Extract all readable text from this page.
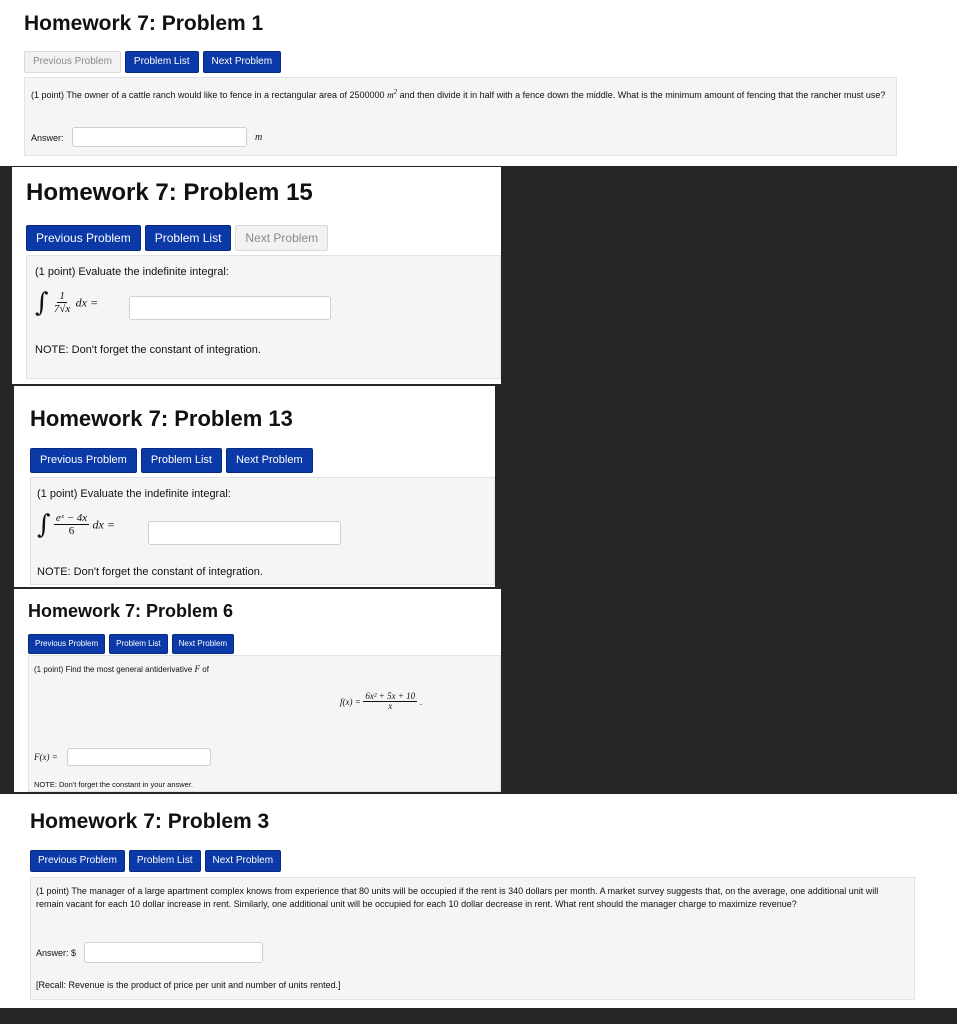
Homework 7: Problem 1
Previous Problem	Problem List	Next Problem
(1 point) The owner of a cattle ranch would like to fence in a rectangular area of 2500000 $m^2$ and then divide it in half with a fence down the middle. What is the minimum amount of fencing that the rancher must use?
Answer:	m
Homework 7: Problem 15
Previous Problem	Problem List	Next Problem
(1 point) Evaluate the indefinite integral:
∫ $\frac{1}{7√x}$ dx =
NOTE: Don't forget the constant of integration.
Homework 7: Problem 13
Previous Problem	Problem List	Next Problem
(1 point) Evaluate the indefinite integral:
∫ $\frac{\text{eˣ − 4x}}{6}$ dx =
NOTE: Don't forget the constant of integration.
Homework 7: Problem 6
Previous Problem	Problem List	Next Problem
(1 point) Find the most general antiderivative F of
$f(x) = \frac{\text{6x² + 5x + 10}}{x}$ .
F(x) =
NOTE: Don't forget the constant in your answer.
Homework 7: Problem 3
Previous Problem	Problem List	Next Problem
(1 point) The manager of a large apartment complex knows from experience that 80 units will be occupied if the rent is 340 dollars per month. A market survey suggests that, on the average, one additional unit will remain vacant for each 10 dollar increase in rent. Similarly, one additional unit will be occupied for each 10 dollar decrease in rent. What rent should the manager charge to maximize revenue?
Answer: $
[Recall: Revenue is the product of price per unit and number of units rented.]
